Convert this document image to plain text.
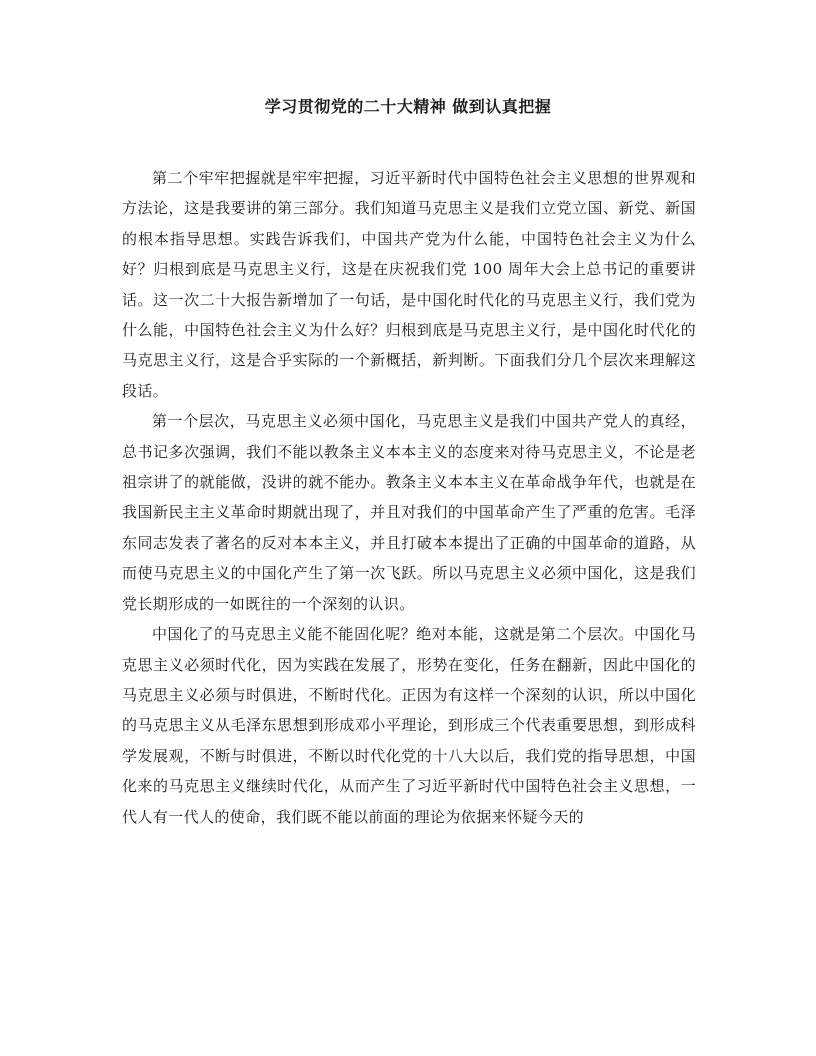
学习贯彻党的二十大精神 做到认真把握

第二个牢牢把握就是牢牢把握，习近平新时代中国特色社会主义思想的世界观和方法论，这是我要讲的第三部分。我们知道马克思主义是我们立党立国、新党、新国的根本指导思想。实践告诉我们，中国共产党为什么能，中国特色社会主义为什么好？归根到底是马克思主义行，这是在庆祝我们党 100 周年大会上总书记的重要讲话。这一次二十大报告新增加了一句话，是中国化时代化的马克思主义行，我们党为什么能，中国特色社会主义为什么好？归根到底是马克思主义行，是中国化时代化的马克思主义行，这是合乎实际的一个新概括，新判断。下面我们分几个层次来理解这段话。

第一个层次，马克思主义必须中国化，马克思主义是我们中国共产党人的真经，总书记多次强调，我们不能以教条主义本本主义的态度来对待马克思主义，不论是老祖宗讲了的就能做，没讲的就不能办。教条主义本本主义在革命战争年代，也就是在我国新民主主义革命时期就出现了，并且对我们的中国革命产生了严重的危害。毛泽东同志发表了著名的反对本本主义，并且打破本本提出了正确的中国革命的道路，从而使马克思主义的中国化产生了第一次飞跃。所以马克思主义必须中国化，这是我们党长期形成的一如既往的一个深刻的认识。

中国化了的马克思主义能不能固化呢？绝对本能，这就是第二个层次。中国化马克思主义必须时代化，因为实践在发展了，形势在变化，任务在翻新，因此中国化的马克思主义必须与时俱进，不断时代化。正因为有这样一个深刻的认识，所以中国化的马克思主义从毛泽东思想到形成邓小平理论，到形成三个代表重要思想，到形成科学发展观，不断与时俱进，不断以时代化党的十八大以后，我们党的指导思想，中国化来的马克思主义继续时代化，从而产生了习近平新时代中国特色社会主义思想，一代人有一代人的使命，我们既不能以前面的理论为依据来怀疑今天的
